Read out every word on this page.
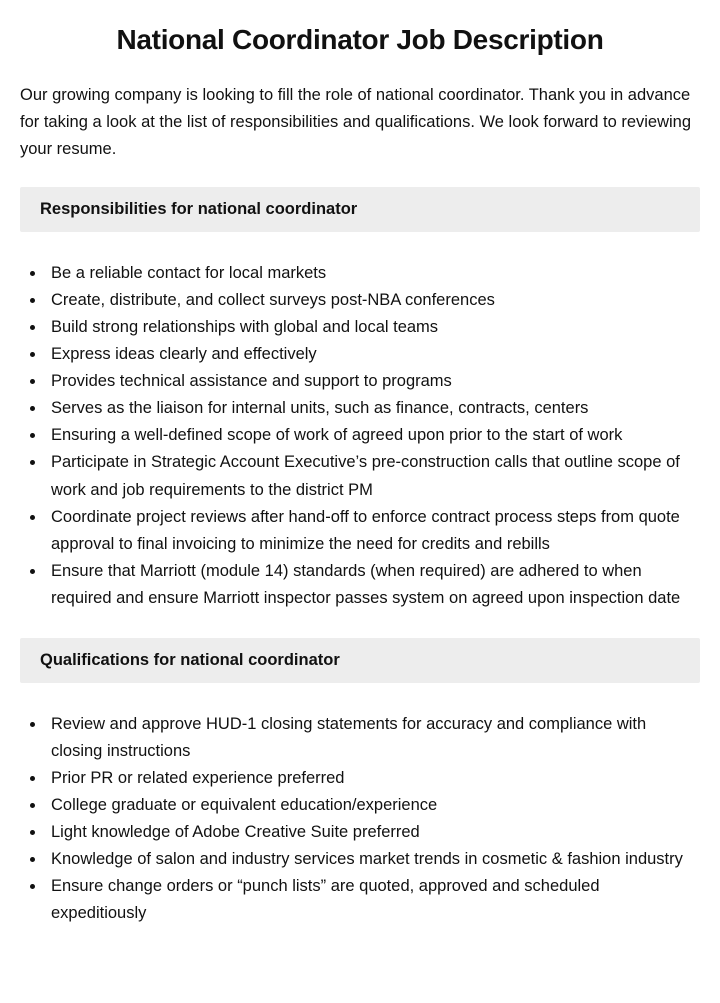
National Coordinator Job Description

Our growing company is looking to fill the role of national coordinator. Thank you in advance for taking a look at the list of responsibilities and qualifications. We look forward to reviewing your resume.

Responsibilities for national coordinator
• Be a reliable contact for local markets
• Create, distribute, and collect surveys post-NBA conferences
• Build strong relationships with global and local teams
• Express ideas clearly and effectively
• Provides technical assistance and support to programs
• Serves as the liaison for internal units, such as finance, contracts, centers
• Ensuring a well-defined scope of work of agreed upon prior to the start of work
• Participate in Strategic Account Executive’s pre-construction calls that outline scope of work and job requirements to the district PM
• Coordinate project reviews after hand-off to enforce contract process steps from quote approval to final invoicing to minimize the need for credits and rebills
• Ensure that Marriott (module 14) standards (when required) are adhered to when required and ensure Marriott inspector passes system on agreed upon inspection date
Qualifications for national coordinator
• Review and approve HUD-1 closing statements for accuracy and compliance with closing instructions
• Prior PR or related experience preferred
• College graduate or equivalent education/experience
• Light knowledge of Adobe Creative Suite preferred
• Knowledge of salon and industry services market trends in cosmetic & fashion industry
• Ensure change orders or “punch lists” are quoted, approved and scheduled expeditiously
